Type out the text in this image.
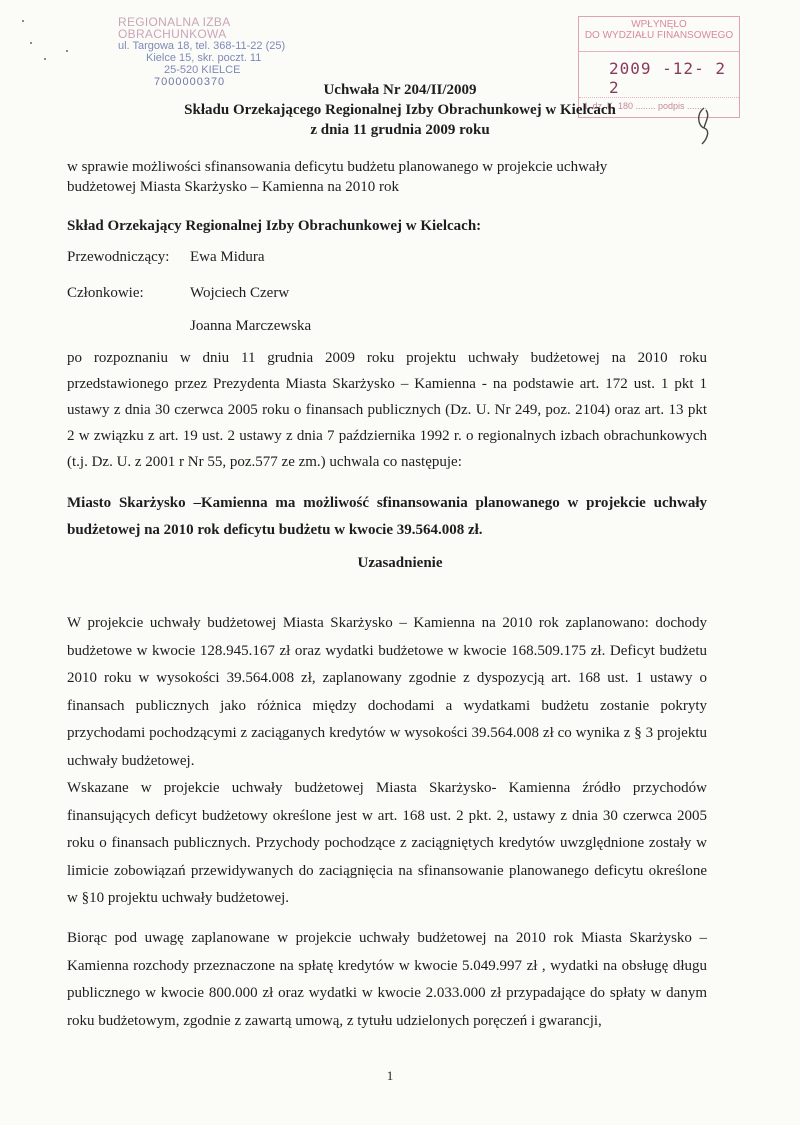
REGIONALNA IZBA OBRACHUNKOWA
ul. Targowa 18, tel. 368-11-22 (25)
Kielce 15, skr. poczt. 11
25-520 KIELCE
7000000370
WPŁYNĘŁO
DO WYDZIAŁU FINANSOWEGO
2009 -12- 2 2
L.dz. K. 180 ........ podpis ........
Uchwała Nr 204/II/2009
Składu Orzekającego Regionalnej Izby Obrachunkowej w Kielcach
z dnia 11 grudnia 2009 roku
w sprawie możliwości sfinansowania deficytu budżetu planowanego w projekcie uchwały
budżetowej Miasta Skarżysko – Kamienna na 2010 rok
Skład Orzekający Regionalnej Izby Obrachunkowej w Kielcach:
Przewodniczący: Ewa Midura
Członkowie:	Wojciech Czerw
Joanna Marczewska
po rozpoznaniu w dniu 11 grudnia 2009 roku projektu uchwały budżetowej na 2010 roku przedstawionego przez Prezydenta Miasta Skarżysko – Kamienna - na podstawie art. 172 ust. 1 pkt 1 ustawy z dnia 30 czerwca 2005 roku o finansach publicznych (Dz. U. Nr 249, poz. 2104) oraz art. 13 pkt 2 w związku z art. 19 ust. 2 ustawy z dnia 7 października 1992 r. o regionalnych izbach obrachunkowych (t.j. Dz. U. z 2001 r Nr 55, poz.577 ze zm.) uchwala co następuje:
Miasto Skarżysko –Kamienna ma możliwość sfinansowania planowanego w projekcie uchwały budżetowej na 2010 rok deficytu budżetu w kwocie 39.564.008 zł.
Uzasadnienie
W projekcie uchwały budżetowej Miasta Skarżysko – Kamienna na 2010 rok zaplanowano: dochody budżetowe w kwocie 128.945.167 zł oraz wydatki budżetowe w kwocie 168.509.175 zł. Deficyt budżetu 2010 roku w wysokości 39.564.008 zł, zaplanowany zgodnie z dyspozycją art. 168 ust. 1 ustawy o finansach publicznych jako różnica między dochodami a wydatkami budżetu zostanie pokryty przychodami pochodzącymi z zaciąganych kredytów w wysokości 39.564.008 zł co wynika z § 3 projektu uchwały budżetowej.
Wskazane w projekcie uchwały budżetowej Miasta Skarżysko- Kamienna źródło przychodów finansujących deficyt budżetowy określone jest w art. 168 ust. 2 pkt. 2, ustawy z dnia 30 czerwca 2005 roku o finansach publicznych. Przychody pochodzące z zaciągniętych kredytów uwzględnione zostały w limicie zobowiązań przewidywanych do zaciągnięcia na sfinansowanie planowanego deficytu określone w §10 projektu uchwały budżetowej.
Biorąc pod uwagę zaplanowane w projekcie uchwały budżetowej na 2010 rok Miasta Skarżysko – Kamienna rozchody przeznaczone na spłatę kredytów w kwocie 5.049.997 zł , wydatki na obsługę długu publicznego w kwocie 800.000 zł oraz wydatki w kwocie 2.033.000 zł przypadające do spłaty w danym roku budżetowym, zgodnie z zawartą umową, z tytułu udzielonych poręczeń i gwarancji,
1
